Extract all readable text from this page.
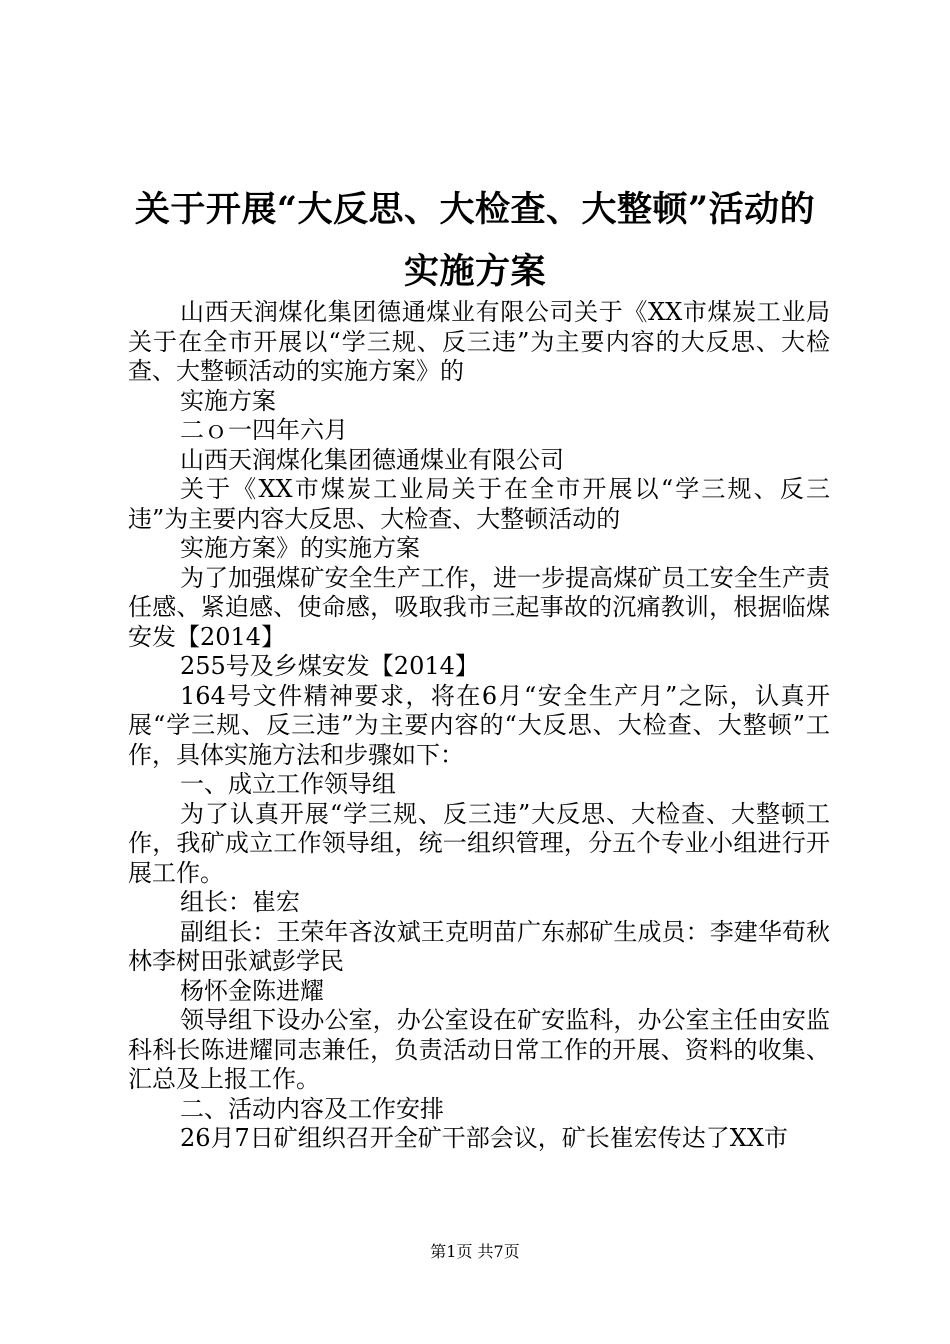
关于开展“大反思、大检查、大整顿”活动的
实施方案

山西天润煤化集团德通煤业有限公司关于《XX市煤炭工业局关于在全市开展以“学三规、反三违”为主要内容的大反思、大检查、大整顿活动的实施方案》的

实施方案

二ｏ一四年六月

山西天润煤化集团德通煤业有限公司

关于《XX市煤炭工业局关于在全市开展以“学三规、反三违”为主要内容大反思、大检查、大整顿活动的

实施方案》的实施方案

为了加强煤矿安全生产工作，进一步提高煤矿员工安全生产责任感、紧迫感、使命感，吸取我市三起事故的沉痛教训，根据临煤安发【2014】

255号及乡煤安发【2014】

164号文件精神要求，将在6月“安全生产月”之际，认真开展“学三规、反三违”为主要内容的“大反思、大检查、大整顿”工作，具体实施方法和步骤如下：

一、成立工作领导组

为了认真开展“学三规、反三违”大反思、大检查、大整顿工作，我矿成立工作领导组，统一组织管理，分五个专业小组进行开展工作。

组长：崔宏

副组长：王荣年吝汝斌王克明苗广东郝矿生成员：李建华荀秋林李树田张斌彭学民

杨怀金陈进耀

领导组下设办公室，办公室设在矿安监科，办公室主任由安监科科长陈进耀同志兼任，负责活动日常工作的开展、资料的收集、汇总及上报工作。

二、活动内容及工作安排

26月7日矿组织召开全矿干部会议，矿长崔宏传达了XX市

第1页 共7页
